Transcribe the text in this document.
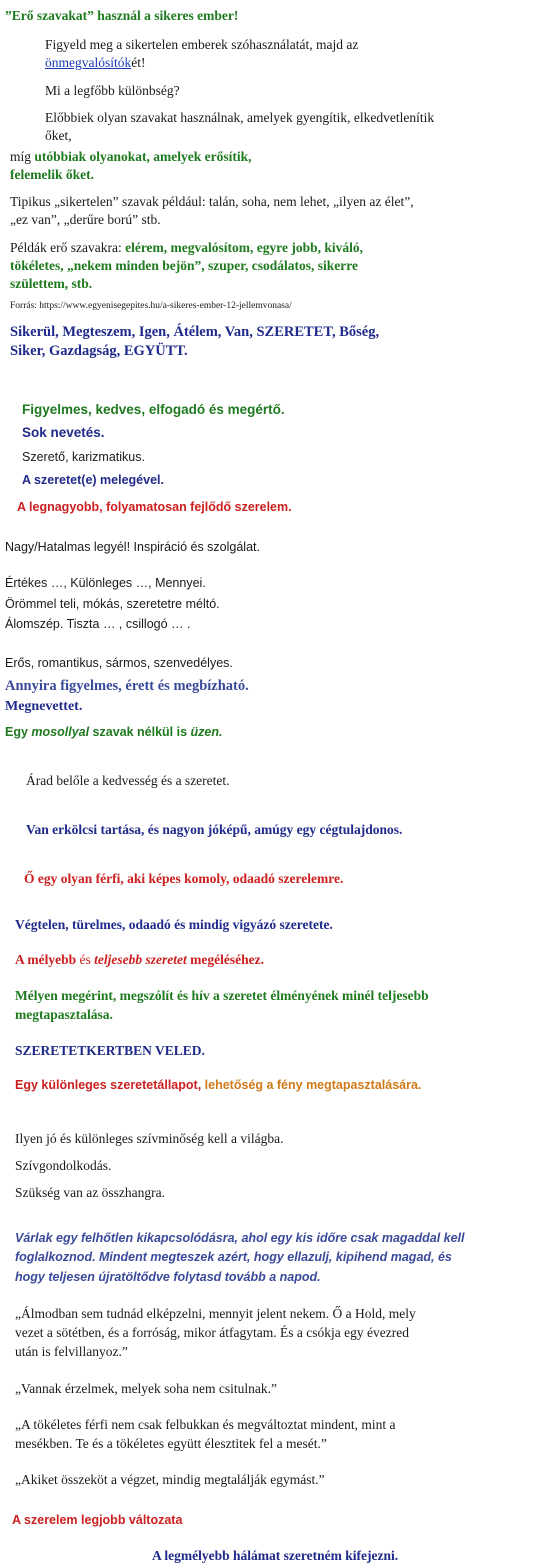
”Erő szavakat” használ a sikeres ember!

Figyeld meg a sikertelen emberek szóhasználatát, majd az

önmegvalósítókét!

Mi a legfőbb különbség?

Előbbiek olyan szavakat használnak, amelyek gyengítik, elkedvetlenítik

őket,

míg utóbbiak olyanokat, amelyek erősítik,

felemelik őket.

Tipikus „sikertelen” szavak például: talán, soha, nem lehet, „ilyen az élet”,

„ez van”, „derűre ború” stb.

Példák erő szavakra: elérem, megvalósítom, egyre jobb, kiváló,

tökéletes, „nekem minden bejön”, szuper, csodálatos, sikerre

születtem, stb.

Forrás: https://www.egyenisegepites.hu/a-sikeres-ember-12-jellemvonasa/

Sikerül, Megteszem, Igen, Átélem, Van, SZERETET, Bőség,

Siker, Gazdagság, EGYÜTT.

Figyelmes, kedves, elfogadó és megértő.

Sok nevetés.

Szerető, karizmatikus.

A szeretet(e) melegével.

A legnagyobb, folyamatosan fejlődő szerelem.

Nagy/Hatalmas legyél! Inspiráció és szolgálat.

Értékes …, Különleges …, Mennyei.

Örömmel teli, mókás, szeretetre méltó.

Álomszép. Tiszta … , csillogó … .

Erős, romantikus, sármos, szenvedélyes.

Annyira figyelmes, érett és megbízható.

Megnevettet.

Egy mosollyal szavak nélkül is üzen.

Árad belőle a kedvesség és a szeretet.

Van erkölcsi tartása, és nagyon jóképű, amúgy egy cégtulajdonos.

Ő egy olyan férfi, aki képes komoly, odaadó szerelemre.

Végtelen, türelmes, odaadó és mindig vigyázó szeretete.

A mélyebb és teljesebb szeretet megéléséhez.

Mélyen megérint, megszólít és hív a szeretet élményének minél teljesebb

megtapasztalása.

SZERETETKERTBEN VELED.

Egy különleges szeretetállapot, lehetőség a fény megtapasztalására.

Ilyen jó és különleges szívminőség kell a világba.

Szívgondolkodás.

Szükség van az összhangra.

Várlak egy felhőtlen kikapcsolódásra, ahol egy kis időre csak magaddal kell

foglalkoznod. Mindent megteszek azért, hogy ellazulj, kipihend magad, és

hogy teljesen újratöltődve folytasd tovább a napod.

„Álmodban sem tudnád elképzelni, mennyit jelent nekem. Ő a Hold, mely

vezet a sötétben, és a forróság, mikor átfagytam. És a csókja egy évezred

után is felvillanyoz.”

„Vannak érzelmek, melyek soha nem csitulnak.”

„A tökéletes férfi nem csak felbukkan és megváltoztat mindent, mint a

mesékben. Te és a tökéletes együtt élesztitek fel a mesét.”

„Akiket összeköt a végzet, mindig megtalálják egymást.”

A szerelem legjobb változata

A legmélyebb hálámat szeretném kifejezni.
